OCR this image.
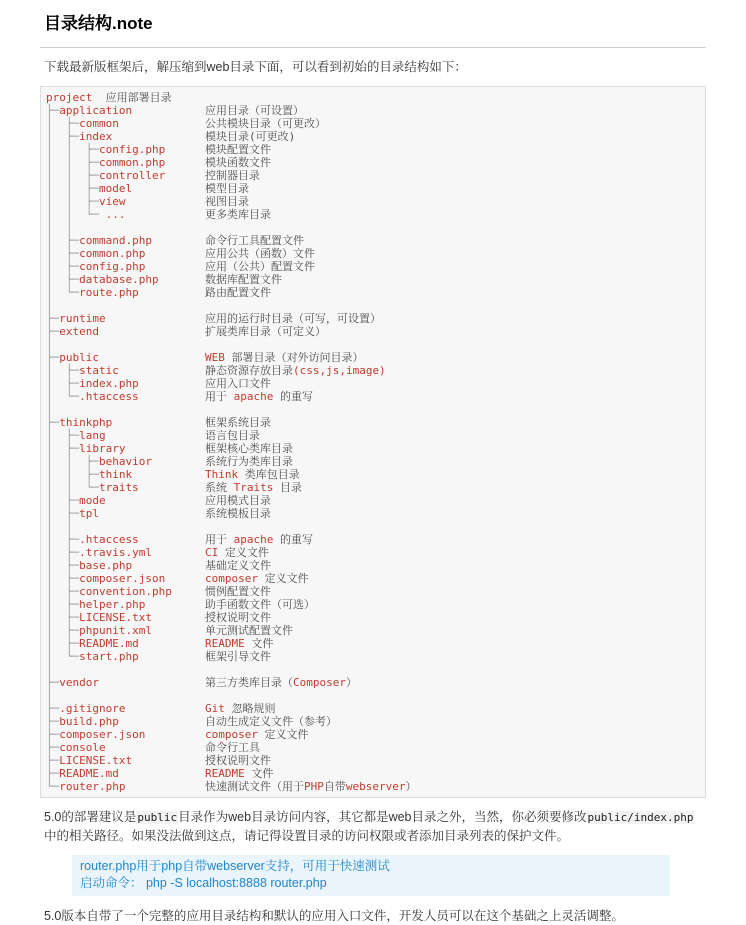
目录结构.note

下载最新版框架后，解压缩到web目录下面，可以看到初始的目录结构如下：

project  应用部署目录
├─application           应用目录（可设置）
│  ├─common             公共模块目录（可更改）
│  ├─index              模块目录(可更改)
│  │  ├─config.php      模块配置文件
│  │  ├─common.php      模块函数文件
│  │  ├─controller      控制器目录
│  │  ├─model           模型目录
│  │  ├─view            视图目录
│  │  └─ ...            更多类库目录
│  │
│  ├─command.php        命令行工具配置文件
│  ├─common.php         应用公共（函数）文件
│  ├─config.php         应用（公共）配置文件
│  ├─database.php       数据库配置文件
│  └─route.php          路由配置文件
│
├─runtime               应用的运行时目录（可写，可设置）
├─extend                扩展类库目录（可定义）
│
├─public	WEB 部署目录（对外访问目录）
│  ├─static             静态资源存放目录(css,js,image)
│  ├─index.php          应用入口文件
│  └─.htaccess          用于 apache 的重写
│
├─thinkphp              框架系统目录
│  ├─lang               语言包目录
│  ├─library            框架核心类库目录
│  │  ├─behavior        系统行为类库目录
│  │  ├─think	Think 类库包目录
│  │  └─traits          系统 Traits 目录
│  ├─mode               应用模式目录
│  ├─tpl                系统模板目录
│  │
│  ├─.htaccess          用于 apache 的重写
│  ├─.travis.yml	CI 定义文件
│  ├─base.php           基础定义文件
│  ├─composer.json	composer 定义文件
│  ├─convention.php     惯例配置文件
│  ├─helper.php         助手函数文件（可选）
│  ├─LICENSE.txt        授权说明文件
│  ├─phpunit.xml        单元测试配置文件
│  ├─README.md	README 文件
│  └─start.php          框架引导文件
│
├─vendor                第三方类库目录（Composer）
│
├─.gitignore	Git 忽略规则
├─build.php             自动生成定义文件（参考）
├─composer.json	composer 定义文件
├─console               命令行工具
├─LICENSE.txt           授权说明文件
├─README.md	README 文件
└─router.php            快速测试文件（用于PHP自带webserver）

5.0的部署建议是public目录作为web目录访问内容，其它都是web目录之外，当然，你必须要修改public/index.php中的相关路径。如果没法做到这点，请记得设置目录的访问权限或者添加目录列表的保护文件。

router.php用于php自带webserver支持，可用于快速测试
启动命令： php -S localhost:8888 router.php

5.0版本自带了一个完整的应用目录结构和默认的应用入口文件，开发人员可以在这个基础之上灵活调整。
